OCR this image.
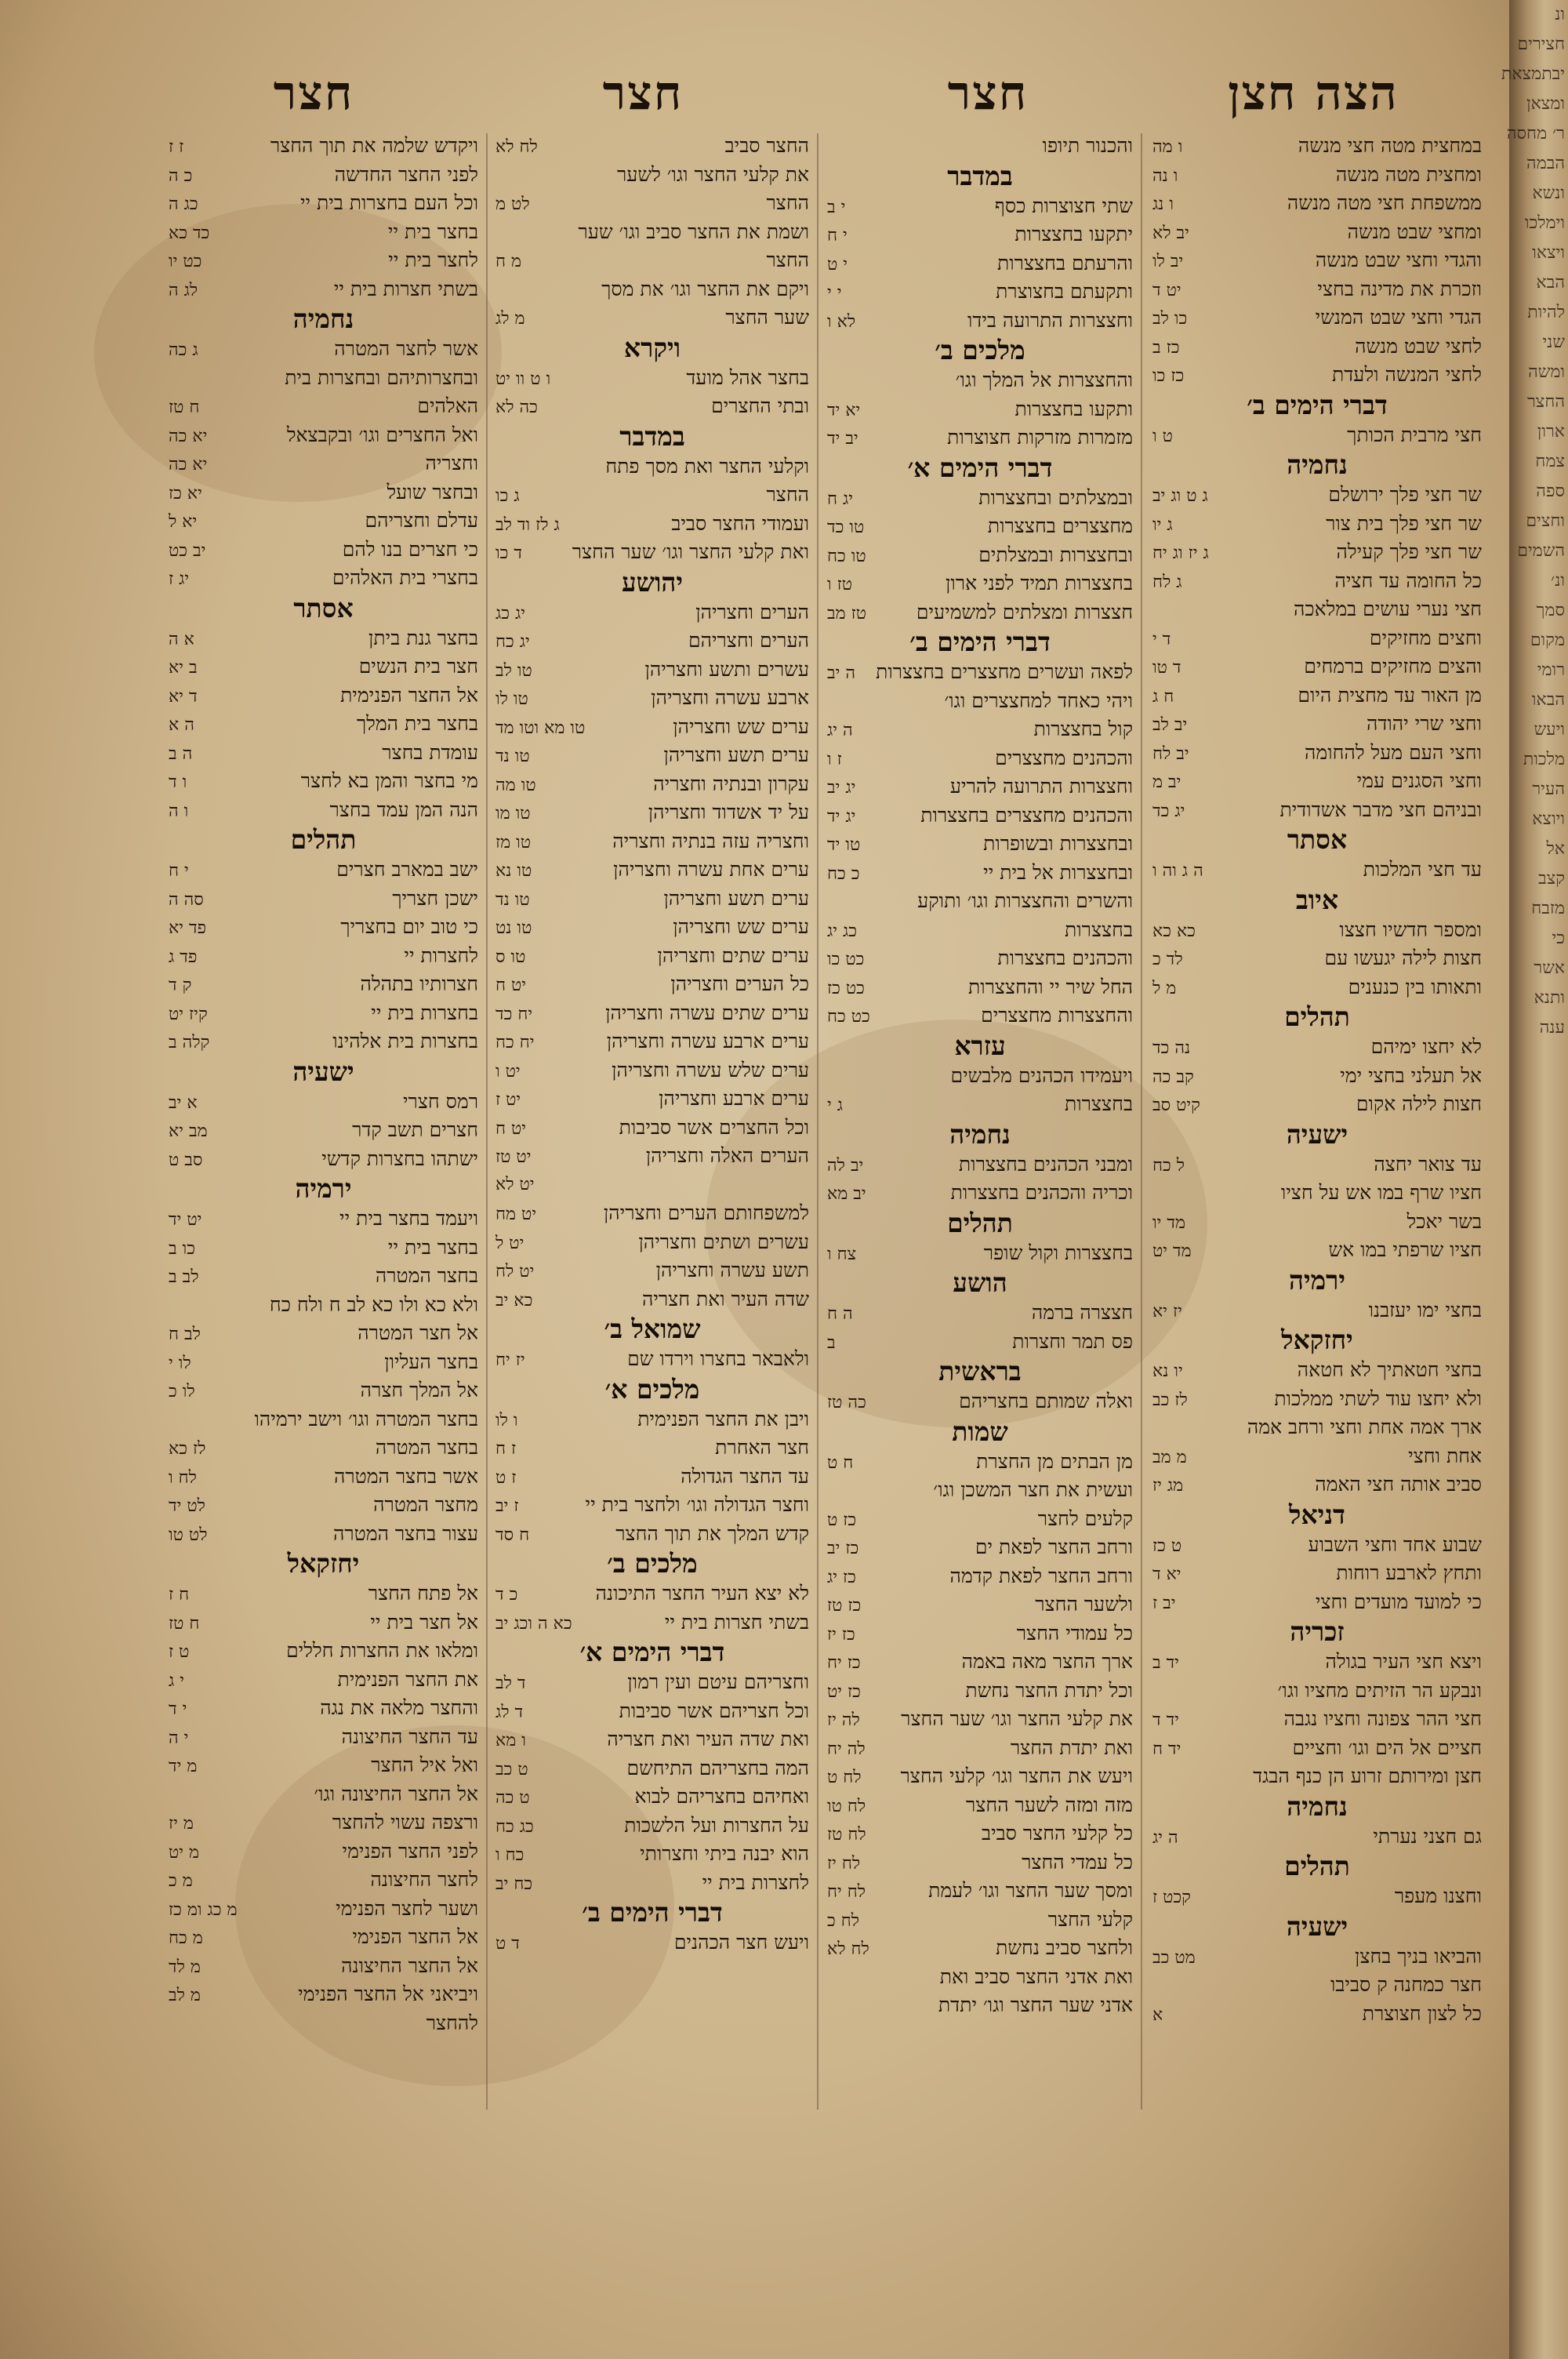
הצה חצן
חצר
חצר
חצר
במחצית מטה חצי מנשה
ו מה
ומחצית מטה מנשה
ו נה
ממשפחת חצי מטה מנשה
ו נג
ומחצי שבט מנשה
יב לא
והגדי וחצי שבט מנשה
יב לו
וזכרת את מדינה בחצי
יט ד
הגדי וחצי שבט המנשי
כו לב
לחצי שבט מנשה
כז ב
לחצי המנשה ולעדת
כז כו
דברי הימים ב׳
חצי מרבית הכותך
ט ו
נחמיה
שר חצי פלך ירושלם
ג ט וג יב
שר חצי פלך בית צור
ג יו
שר חצי פלך קעילה
ג יז וג יח
כל החומה עד חציה
ג לח
חצי נערי עושים במלאכה
וחצים מחזיקים
ד י
והצים מחזיקים ברמחים
ד טו
מן האור עד מחצית היום
ח ג
וחצי שרי יהודה
יב לב
וחצי העם מעל להחומה
יב לח
וחצי הסגנים עמי
יב מ
ובניהם חצי מדבר אשדודית
יג כד
אסתר
עד חצי המלכות
ה ג וה ו
איוב
ומספר חדשיו חצצו
כא כא
חצות לילה יגעשו עם
לד כ
ותאותו בין כנענים
מ ל
תהלים
לא יחצו ימיהם
נה כד
אל תעלני בחצי ימי
קב כה
חצות לילה אקום
קיט סב
ישעיה
עד צואר יחצה
ל כח
חציו שרף במו אש על חציו
בשר יאכל
מד יו
חציו שרפתי במו אש
מד יט
ירמיה
בחצי ימו יעזבנו
יז יא
יחזקאל
בחצי חטאתיך לא חטאה
יו נא
ולא יחצו עוד לשתי ממלכות
לז כב
ארך אמה אחת וחצי ורחב אמה
אחת וחצי
מ מב
סביב אותה חצי האמה
מג יז
דניאל
שבוע אחד וחצי השבוע
ט כז
ותחץ לארבע רוחות
יא ד
כי למועד מועדים וחצי
יב ז
זכריה
ויצא חצי העיר בגולה
יד ב
ונבקע הר הזיתים מחציו וגו׳
חצי ההר צפונה וחציו נגבה
יד ד
חציים אל הים וגו׳ וחציים
יד ח
חצן ומירותם זרוע הן כנף הבגד
נחמיה
גם חצני נערתי
ה יג
תהלים
וחצנו מעפר
קכט ז
ישעיה
והביאו בניך בחצן
מט כב
חצר כמחנה ק סביבו
כל לצון חצוצרת
א
והכנור תיופו
במדבר
שתי חצוצרות כסף
י ב
יתקעו בחצצרות
י ח
והרעתם בחצצרות
י ט
ותקעתם בחצוצרת
י י
וחצצרות התרועה בידו
לא ו
מלכים ב׳
והחצצרות אל המלך וגו׳
ותקעו בחצצרות
יא יד
מזמרות מזרקות חצוצרות
יב יד
דברי הימים א׳
ובמצלתים ובחצצרות
יג ח
מחצצרים בחצצרות
טו כד
ובחצצרות ובמצלתים
טו כח
בחצצרות תמיד לפני ארון
טז ו
חצצרות ומצלתים למשמיעים
טז מב
דברי הימים ב׳
לפאה ועשרים מחצצרים בחצצרות
ה יב
ויהי כאחד למחצצרים וגו׳
קול בחצצרות
ה יג
והכהנים מחצצרים
ז ו
וחצצרות התרועה להריע
יג יב
והכהנים מחצצרים בחצצרות
יג יד
ובחצצרות ובשופרות
טו יד
ובחצצרות אל בית יי
כ כח
והשרים והחצצרות וגו׳ ותוקע
בחצצרות
כג יג
והכהנים בחצצרות
כט כו
החל שיר יי והחצצרות
כט כז
והחצצרות מחצצרים
כט כח
עזרא
ויעמידו הכהנים מלבשים
בחצצרות
ג י
נחמיה
ומבני הכהנים בחצצרות
יב לה
וכריה והכהנים בחצצרות
יב מא
תהלים
בחצצרות וקול שופר
צח ו
הושע
חצצרה ברמה
ה ח
פס תמר וחצרות
ב
בראשית
ואלה שמותם בחצריהם
כה טז
שמות
מן הבתים מן החצרת
ח ט
ועשית את חצר המשכן וגו׳
קלעים לחצר
כז ט
ורחב החצר לפאת ים
כז יב
ורחב החצר לפאת קדמה
כז יג
ולשער החצר
כז טז
כל עמודי החצר
כז יז
ארך החצר מאה באמה
כז יח
וכל יתדת החצר נחשת
כז יט
את קלעי החצר וגו׳ שער החצר
לה יז
ואת יתדת החצר
לה יח
ויעש את החצר וגו׳ קלעי החצר
לח ט
מזה ומזה לשער החצר
לח טו
כל קלעי החצר סביב
לח טז
כל עמדי החצר
לח יז
ומסך שער החצר וגו׳ לעמת
לח יח
קלעי החצר
לח כ
ולחצר סביב נחשת
לח לא
ואת אדני החצר סביב ואת
אדני שער החצר וגו׳ יתדת
החצר סביב
לח לא
את קלעי החצר וגו׳ לשער
החצר
לט מ
ושמת את החצר סביב וגו׳ שער
החצר
מ ח
ויקם את החצר וגו׳ את מסך
שער החצר
מ לג
ויקרא
בחצר אהל מועד
ו ט וו יט
ובתי החצרים
כה לא
במדבר
וקלעי החצר ואת מסך פתח
החצר
ג כו
ועמודי החצר סביב
ג לז וד לב
ואת קלעי החצר וגו׳ שער החצר
ד כו
יהושע
הערים וחצריהן
יג כג
הערים וחצריהם
יג כח
עשרים ותשע וחצריהן
טו לב
ארבע עשרה וחצריהן
טו לו
ערים שש וחצריהן
טו מא וטו מד
ערים תשע וחצריהן
טו נד
עקרון ובנתיה וחצריה
טו מה
על יד אשדוד וחצריהן
טו מו
וחצריה עזה בנתיה וחצריה
טו מז
ערים אחת עשרה וחצריהן
טו נא
ערים תשע וחצריהן
טו נד
ערים שש וחצריהן
טו נט
ערים שתים וחצריהן
טו ס
כל הערים וחצריהן
יט ח
ערים שתים עשרה וחצריהן
יח כד
ערים ארבע עשרה וחצריהן
יח כח
ערים שלש עשרה וחצריהן
יט ו
ערים ארבע וחצריהן
יט ז
וכל החצרים אשר סביבות
יט ח
הערים האלה וחצריהן
יט טז
יט לא
למשפחותם הערים וחצריהן
יט מח
עשרים ושתים וחצריהן
יט ל
תשע עשרה וחצריהן
יט לח
שדה העיר ואת חצריה
כא יב
שמואל ב׳
ולאבאר בחצרו וירדו שם
יז יח
מלכים א׳
ויבן את החצר הפנימית
ו לו
חצר האחרת
ז ח
עד החצר הגדולה
ז ט
וחצר הגדולה וגו׳ ולחצר בית יי
ז יב
קדש המלך את תוך החצר
ח סד
מלכים ב׳
לא יצא העיר החצר התיכונה
כ ד
בשתי חצרות בית יי
כא ה וכג יב
דברי הימים א׳
וחצריהם עיטם ועין רמון
ד לב
וכל חצריהם אשר סביבות
ד לג
ואת שדה העיר ואת חצריה
ו מא
המה בחצריהם התיחשם
ט כב
ואחיהם בחצריהם לבוא
ט כה
על החצרות ועל הלשכות
כג כח
הוא יבנה ביתי וחצרותי
כח ו
לחצרות בית יי
כח יב
דברי הימים ב׳
ויעש חצר הכהנים
ד ט
ויקדש שלמה את תוך החצר
ז ז
לפני החצר החדשה
כ ה
וכל העם בחצרות בית יי
כג ה
בחצר בית יי
כד כא
לחצר בית יי
כט יו
בשתי חצרות בית יי
לג ה
נחמיה
אשר לחצר המטרה
ג כה
ובחצרותיהם ובחצרות בית
האלהים
ח טז
ואל החצרים וגו׳ ובקבצאל
יא כה
וחצריה
יא כה
ובחצר שועל
יא כז
עדלם וחצריהם
יא ל
כי חצרים בנו להם
יב כט
בחצרי בית האלהים
יג ז
אסתר
בחצר גנת ביתן
א ה
חצר בית הנשים
ב יא
אל החצר הפנימית
ד יא
בחצר בית המלך
ה א
עומדת בחצר
ה ב
מי בחצר והמן בא לחצר
ו ד
הנה המן עמד בחצר
ו ה
תהלים
ישב במארב חצרים
י ח
ישכן חצריך
סה ה
כי טוב יום בחצריך
פד יא
לחצרות יי
פד ג
חצרותיו בתהלה
ק ד
בחצרות בית יי
קיז יט
בחצרות בית אלהינו
קלה ב
ישעיה
רמס חצרי
א יב
חצרים תשב קדר
מב יא
ישתהו בחצרות קדשי
סב ט
ירמיה
ויעמד בחצר בית יי
יט יד
בחצר בית יי
כו ב
בחצר המטרה
לב ב
ולא כא ולו כא לב ח ולח כח
אל חצר המטרה
לב ח
בחצר העליון
לו י
אל המלך חצרה
לו כ
בחצר המטרה וגו׳ וישב ירמיהו
בחצר המטרה
לז כא
אשר בחצר המטרה
לח ו
מחצר המטרה
לט יד
עצור בחצר המטרה
לט טו
יחזקאל
אל פתח החצר
ח ז
אל חצר בית יי
ח טז
ומלאו את החצרות חללים
ט ז
את החצר הפנימית
י ג
והחצר מלאה את נגה
י ד
עד החצר החיצונה
י ה
ואל איל החצר
מ יד
אל החצר החיצונה וגו׳
ורצפה עשוי להחצר
מ יז
לפני החצר הפנימי
מ יט
לחצר החיצונה
מ כ
ושער לחצר הפנימי
מ כג ומ כז
אל החצר הפנימי
מ כח
אל החצר החיצונה
מ לד
ויביאני אל החצר הפנימי
מ לב
להחצר
ונ
חצירים
יבתמצאת
ומצאן
ר׳ מחסה
הבמה
ונשא
וימלכו
ויצאו
הבא
להיות
שני
ומשה
החצר
ארון
צמח
ספה
וחצים
השמים
ונ׳
סמך
מקום
רומי
הבאו
ויעש
מלכות
העיר
ויוצא
אל
קצב
מזבח
כי
אשר
ותנא
ענה
